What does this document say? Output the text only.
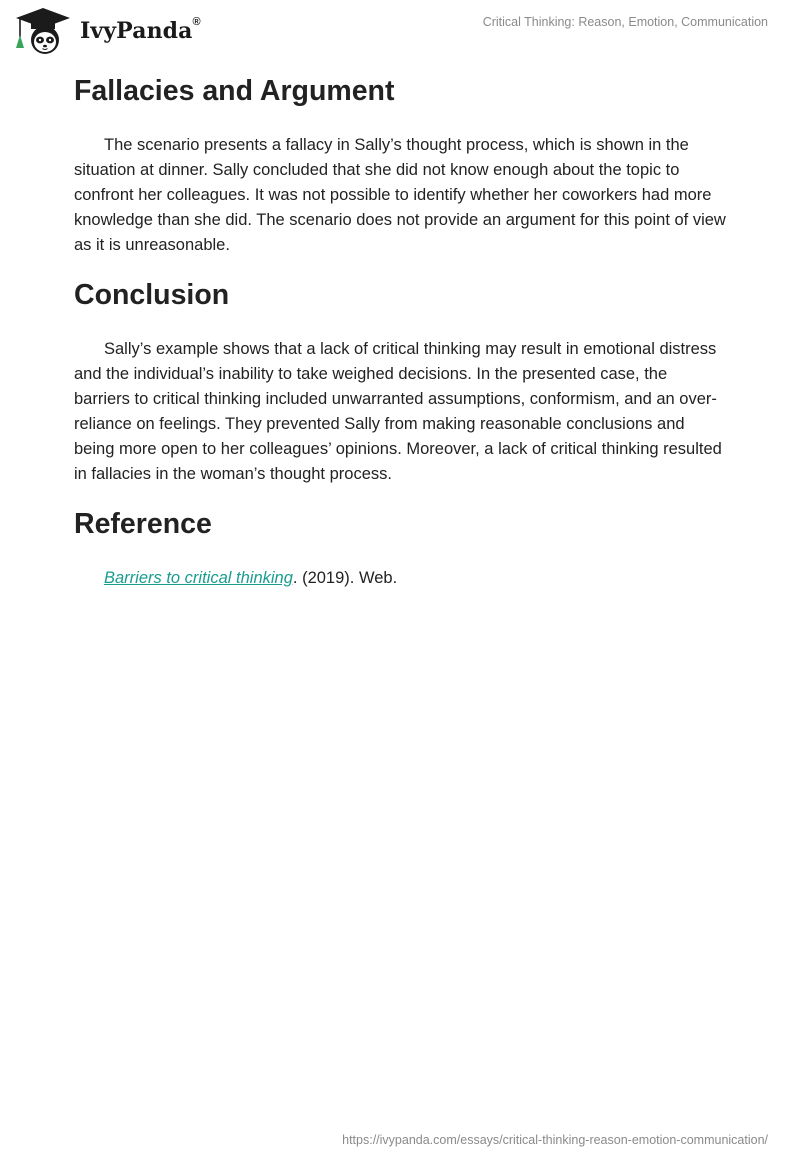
IvyPanda®	Critical Thinking: Reason, Emotion, Communication
Fallacies and Argument

The scenario presents a fallacy in Sally’s thought process, which is shown in the situation at dinner. Sally concluded that she did not know enough about the topic to confront her colleagues. It was not possible to identify whether her coworkers had more knowledge than she did. The scenario does not provide an argument for this point of view as it is unreasonable.

Conclusion

Sally’s example shows that a lack of critical thinking may result in emotional distress and the individual’s inability to take weighed decisions. In the presented case, the barriers to critical thinking included unwarranted assumptions, conformism, and an over-reliance on feelings. They prevented Sally from making reasonable conclusions and being more open to her colleagues’ opinions. Moreover, a lack of critical thinking resulted in fallacies in the woman’s thought process.

Reference

Barriers to critical thinking. (2019). Web.

https://ivypanda.com/essays/critical-thinking-reason-emotion-communication/
